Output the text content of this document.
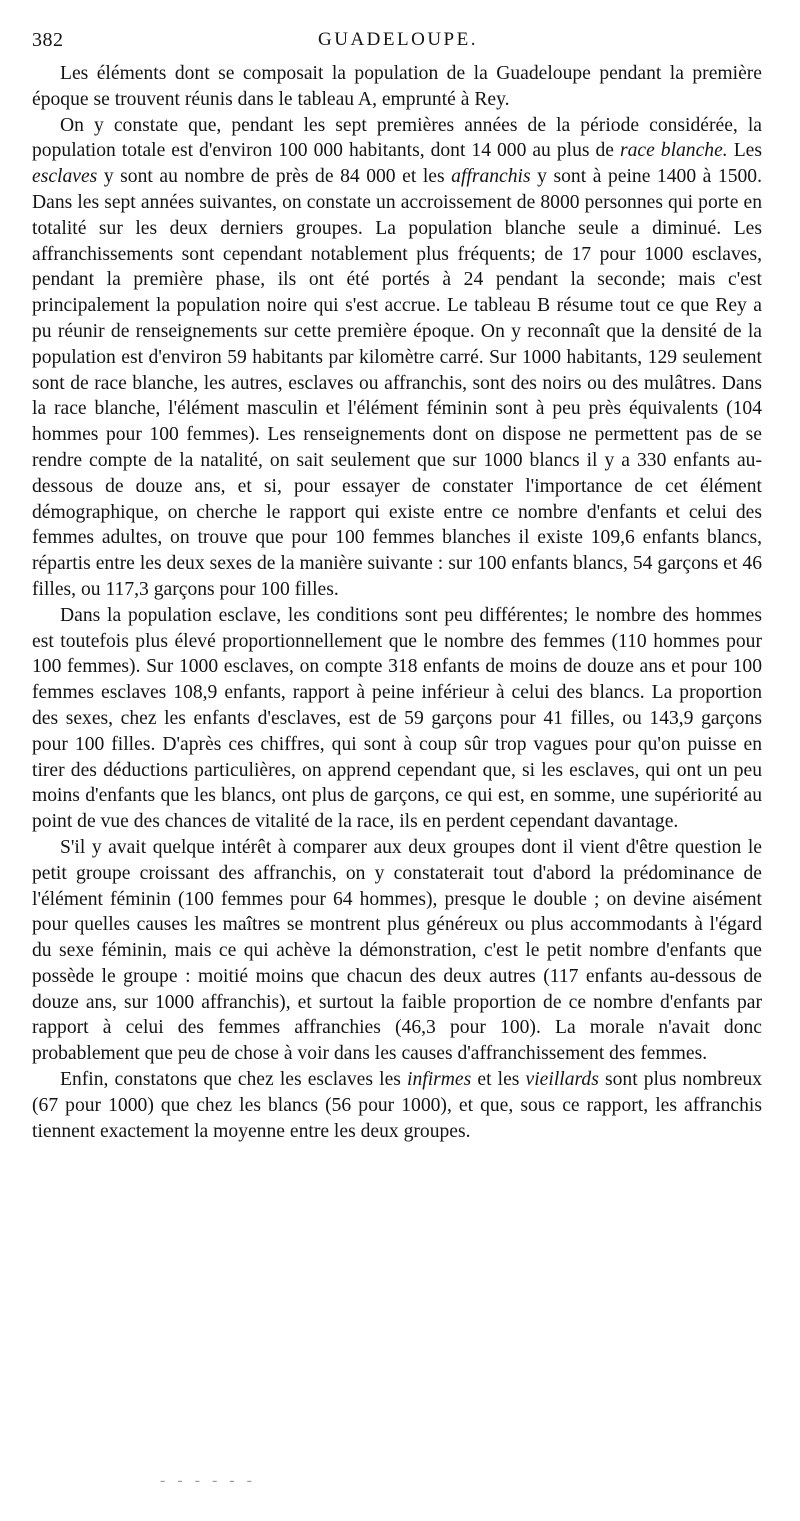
382	GUADELOUPE.

Les éléments dont se composait la population de la Guadeloupe pendant la première époque se trouvent réunis dans le tableau A, emprunté à Rey.

On y constate que, pendant les sept premières années de la période considérée, la population totale est d'environ 100 000 habitants, dont 14 000 au plus de race blanche. Les esclaves y sont au nombre de près de 84 000 et les affranchis y sont à peine 1400 à 1500. Dans les sept années suivantes, on constate un accroissement de 8000 personnes qui porte en totalité sur les deux derniers groupes. La population blanche seule a diminué. Les affranchissements sont cependant notablement plus fréquents; de 17 pour 1000 esclaves, pendant la première phase, ils ont été portés à 24 pendant la seconde; mais c'est principalement la population noire qui s'est accrue. Le tableau B résume tout ce que Rey a pu réunir de renseignements sur cette première époque. On y reconnaît que la densité de la population est d'environ 59 habitants par kilomètre carré. Sur 1000 habitants, 129 seulement sont de race blanche, les autres, esclaves ou affranchis, sont des noirs ou des mulâtres. Dans la race blanche, l'élément masculin et l'élément féminin sont à peu près équivalents (104 hommes pour 100 femmes). Les renseignements dont on dispose ne permettent pas de se rendre compte de la natalité, on sait seulement que sur 1000 blancs il y a 330 enfants au-dessous de douze ans, et si, pour essayer de constater l'importance de cet élément démographique, on cherche le rapport qui existe entre ce nombre d'enfants et celui des femmes adultes, on trouve que pour 100 femmes blanches il existe 109,6 enfants blancs, répartis entre les deux sexes de la manière suivante : sur 100 enfants blancs, 54 garçons et 46 filles, ou 117,3 garçons pour 100 filles.

Dans la population esclave, les conditions sont peu différentes; le nombre des hommes est toutefois plus élevé proportionnellement que le nombre des femmes (110 hommes pour 100 femmes). Sur 1000 esclaves, on compte 318 enfants de moins de douze ans et pour 100 femmes esclaves 108,9 enfants, rapport à peine inférieur à celui des blancs. La proportion des sexes, chez les enfants d'esclaves, est de 59 garçons pour 41 filles, ou 143,9 garçons pour 100 filles. D'après ces chiffres, qui sont à coup sûr trop vagues pour qu'on puisse en tirer des déductions particulières, on apprend cependant que, si les esclaves, qui ont un peu moins d'enfants que les blancs, ont plus de garçons, ce qui est, en somme, une supériorité au point de vue des chances de vitalité de la race, ils en perdent cependant davantage.

S'il y avait quelque intérêt à comparer aux deux groupes dont il vient d'être question le petit groupe croissant des affranchis, on y constaterait tout d'abord la prédominance de l'élément féminin (100 femmes pour 64 hommes), presque le double ; on devine aisément pour quelles causes les maîtres se montrent plus généreux ou plus accommodants à l'égard du sexe féminin, mais ce qui achève la démonstration, c'est le petit nombre d'enfants que possède le groupe : moitié moins que chacun des deux autres (117 enfants au-dessous de douze ans, sur 1000 affranchis), et surtout la faible proportion de ce nombre d'enfants par rapport à celui des femmes affranchies (46,3 pour 100). La morale n'avait donc probablement que peu de chose à voir dans les causes d'affranchissement des femmes.

Enfin, constatons que chez les esclaves les infirmes et les vieillards sont plus nombreux (67 pour 1000) que chez les blancs (56 pour 1000), et que, sous ce rapport, les affranchis tiennent exactement la moyenne entre les deux groupes.

- - - - - -
